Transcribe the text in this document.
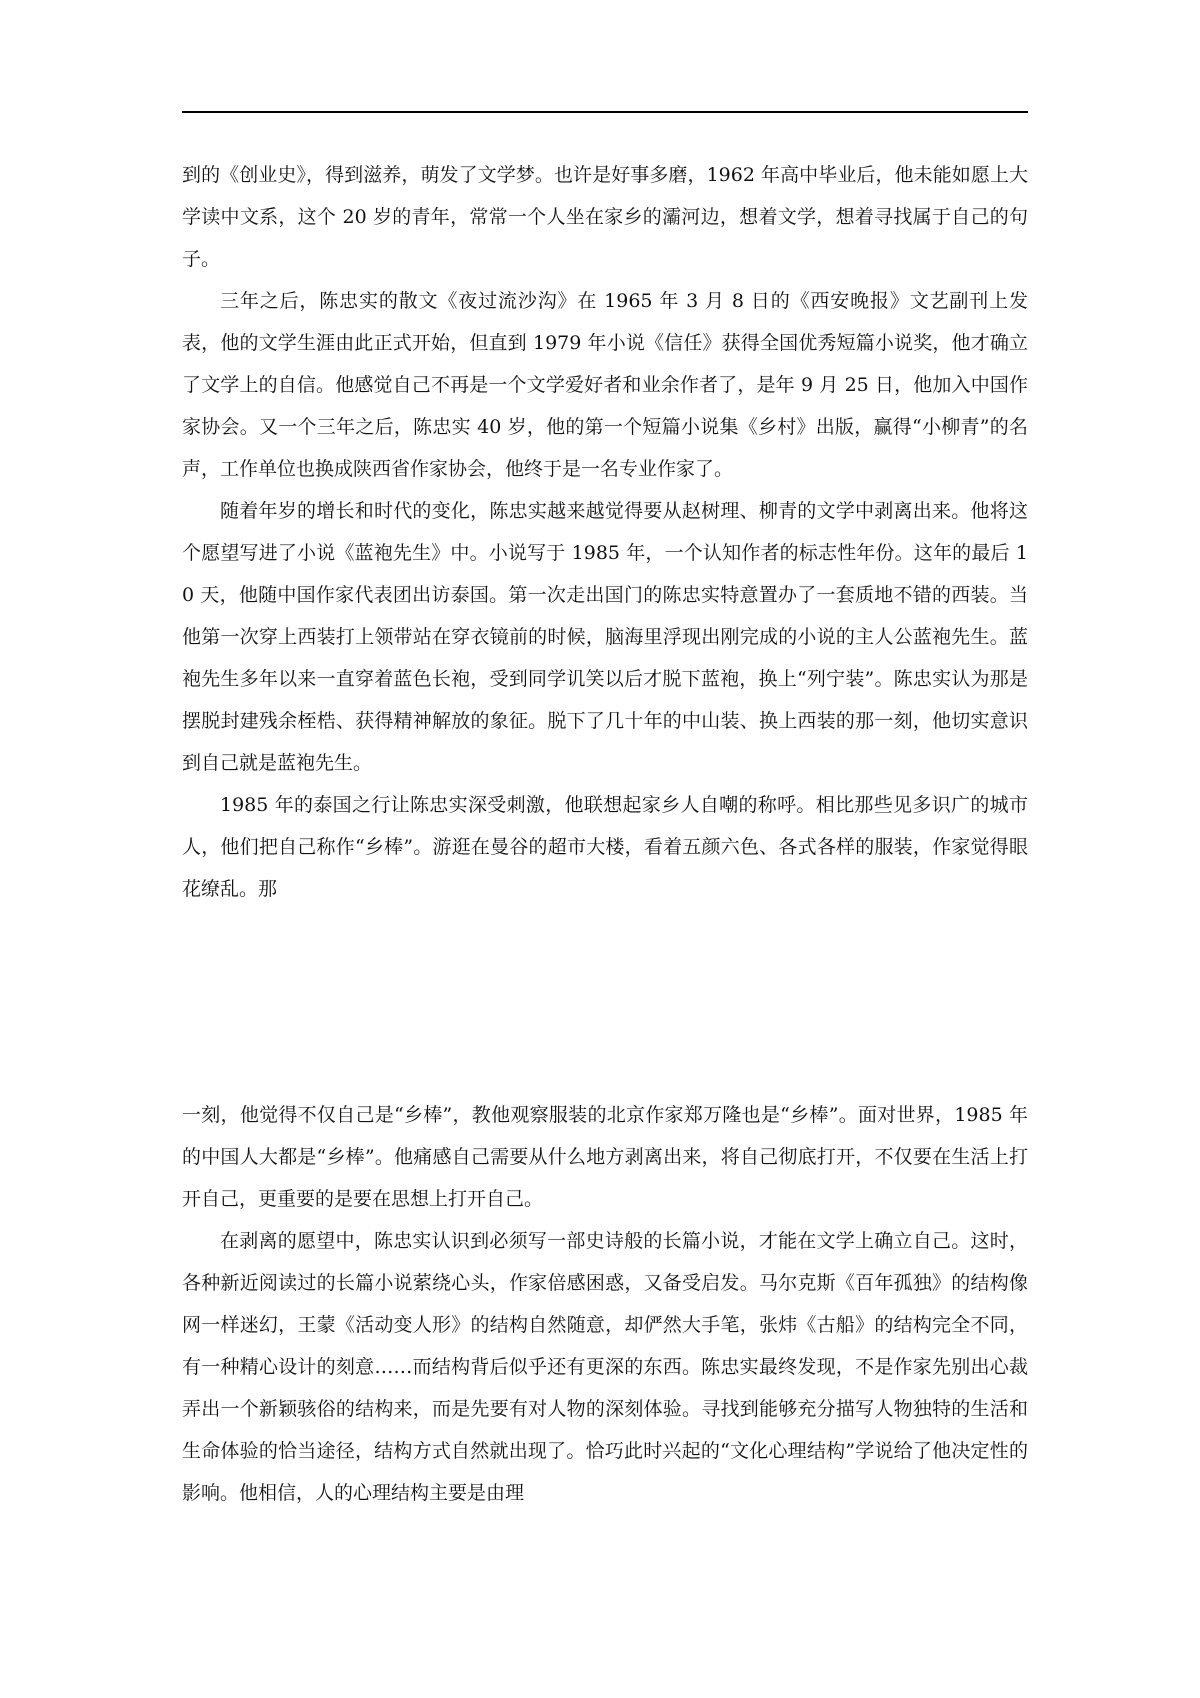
到的《创业史》，得到滋养，萌发了文学梦。也许是好事多磨，1962 年高中毕业后，他未能如愿上大学读中文系，这个 20 岁的青年，常常一个人坐在家乡的灞河边，想着文学，想着寻找属于自己的句子。

三年之后，陈忠实的散文《夜过流沙沟》在 1965 年 3 月 8 日的《西安晚报》文艺副刊上发表，他的文学生涯由此正式开始，但直到 1979 年小说《信任》获得全国优秀短篇小说奖，他才确立了文学上的自信。他感觉自己不再是一个文学爱好者和业余作者了，是年 9 月 25 日，他加入中国作家协会。又一个三年之后，陈忠实 40 岁，他的第一个短篇小说集《乡村》出版，赢得“小柳青”的名声，工作单位也换成陕西省作家协会，他终于是一名专业作家了。

随着年岁的增长和时代的变化，陈忠实越来越觉得要从赵树理、柳青的文学中剥离出来。他将这个愿望写进了小说《蓝袍先生》中。小说写于 1985 年，一个认知作者的标志性年份。这年的最后 10 天，他随中国作家代表团出访泰国。第一次走出国门的陈忠实特意置办了一套质地不错的西装。当他第一次穿上西装打上领带站在穿衣镜前的时候，脑海里浮现出刚完成的小说的主人公蓝袍先生。蓝袍先生多年以来一直穿着蓝色长袍，受到同学讥笑以后才脱下蓝袍，换上“列宁装”。陈忠实认为那是摆脱封建残余桎梏、获得精神解放的象征。脱下了几十年的中山装、换上西装的那一刻，他切实意识到自己就是蓝袍先生。

1985 年的泰国之行让陈忠实深受刺激，他联想起家乡人自嘲的称呼。相比那些见多识广的城市人，他们把自己称作“乡棒”。游逛在曼谷的超市大楼，看着五颜六色、各式各样的服装，作家觉得眼花缭乱。那

一刻，他觉得不仅自己是“乡棒”，教他观察服装的北京作家郑万隆也是“乡棒”。面对世界，1985 年的中国人大都是“乡棒”。他痛感自己需要从什么地方剥离出来，将自己彻底打开，不仅要在生活上打开自己，更重要的是要在思想上打开自己。

在剥离的愿望中，陈忠实认识到必须写一部史诗般的长篇小说，才能在文学上确立自己。这时，各种新近阅读过的长篇小说萦绕心头，作家倍感困惑，又备受启发。马尔克斯《百年孤独》的结构像网一样迷幻，王蒙《活动变人形》的结构自然随意，却俨然大手笔，张炜《古船》的结构完全不同，有一种精心设计的刻意……而结构背后似乎还有更深的东西。陈忠实最终发现，不是作家先别出心裁弄出一个新颖骇俗的结构来，而是先要有对人物的深刻体验。寻找到能够充分描写人物独特的生活和生命体验的恰当途径，结构方式自然就出现了。恰巧此时兴起的“文化心理结构”学说给了他决定性的影响。他相信，人的心理结构主要是由理
